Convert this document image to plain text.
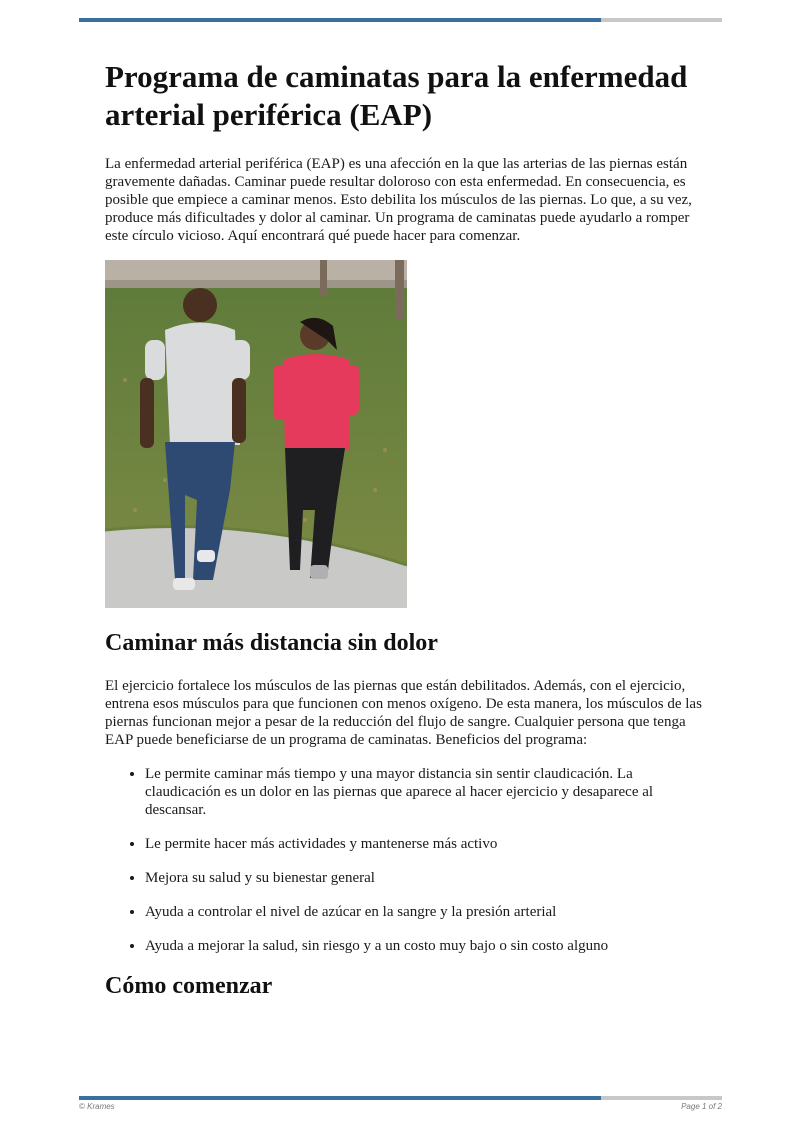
Programa de caminatas para la enfermedad arterial periférica (EAP)

La enfermedad arterial periférica (EAP) es una afección en la que las arterias de las piernas están gravemente dañadas. Caminar puede resultar doloroso con esta enfermedad. En consecuencia, es posible que empiece a caminar menos. Esto debilita los músculos de las piernas. Lo que, a su vez, produce más dificultades y dolor al caminar. Un programa de caminatas puede ayudarlo a romper este círculo vicioso. Aquí encontrará qué puede hacer para comenzar.

Caminar más distancia sin dolor

El ejercicio fortalece los músculos de las piernas que están debilitados. Además, con el ejercicio, entrena esos músculos para que funcionen con menos oxígeno. De esta manera, los músculos de las piernas funcionan mejor a pesar de la reducción del flujo de sangre. Cualquier persona que tenga EAP puede beneficiarse de un programa de caminatas. Beneficios del programa:

• Le permite caminar más tiempo y una mayor distancia sin sentir claudicación. La claudicación es un dolor en las piernas que aparece al hacer ejercicio y desaparece al descansar.
• Le permite hacer más actividades y mantenerse más activo
• Mejora su salud y su bienestar general
• Ayuda a controlar el nivel de azúcar en la sangre y la presión arterial
• Ayuda a mejorar la salud, sin riesgo y a un costo muy bajo o sin costo alguno
Cómo comenzar
© Krames	Page 1 of 2
